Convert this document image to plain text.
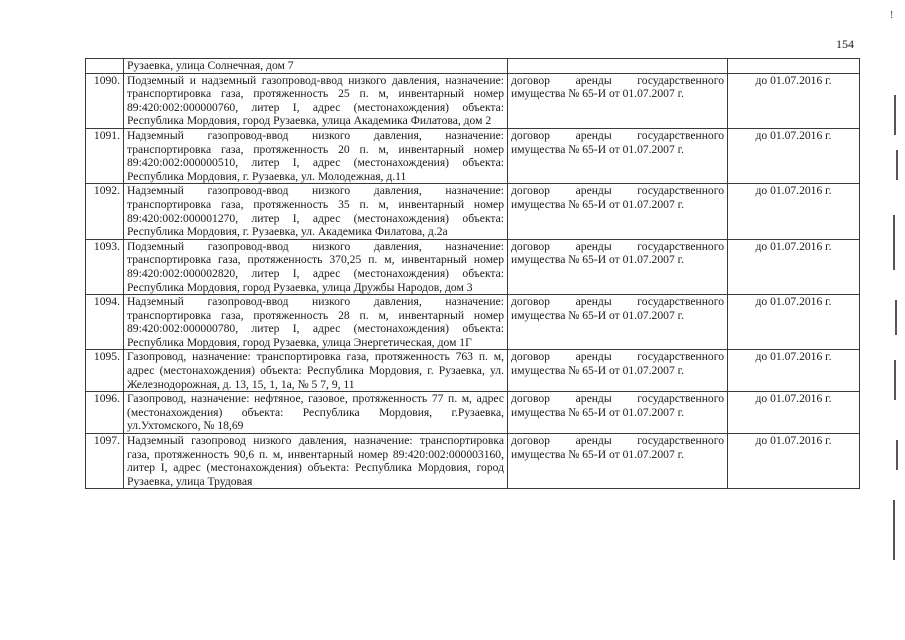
154
!
	Рузаевка, улица Солнечная, дом 7		
1090.	Подземный и надземный газопровод-ввод низкого давления, назначение: транспортировка газа, протяженность 25 п. м, инвентарный номер 89:420:002:000000760, литер I, адрес (местонахождения) объекта: Республика Мордовия, город Рузаевка, улица Академика Филатова, дом 2	договор аренды государственного имущества № 65-И от 01.07.2007 г.	до 01.07.2016 г.
1091.	Надземный газопровод-ввод низкого давления, назначение: транспортировка газа, протяженность 20 п. м, инвентарный номер 89:420:002:000000510, литер I, адрес (местонахождения) объекта: Республика Мордовия, г. Рузаевка, ул. Молодежная, д.11	договор аренды государственного имущества № 65-И от 01.07.2007 г.	до 01.07.2016 г.
1092.	Надземный газопровод-ввод низкого давления, назначение: транспортировка газа, протяженность 35 п. м, инвентарный номер 89:420:002:000001270, литер I, адрес (местонахождения) объекта: Республика Мордовия, г. Рузаевка, ул. Академика Филатова, д.2а	договор аренды государственного имущества № 65-И от 01.07.2007 г.	до 01.07.2016 г.
1093.	Подземный газопровод-ввод низкого давления, назначение: транспортировка газа, протяженность 370,25 п. м, инвентарный номер 89:420:002:000002820, литер I, адрес (местонахождения) объекта: Республика Мордовия, город Рузаевка, улица Дружбы Народов, дом 3	договор аренды государственного имущества № 65-И от 01.07.2007 г.	до 01.07.2016 г.
1094.	Надземный газопровод-ввод низкого давления, назначение: транспортировка газа, протяженность 28 п. м, инвентарный номер 89:420:002:000000780, литер I, адрес (местонахождения) объекта: Республика Мордовия, город Рузаевка, улица Энергетическая, дом 1Г	договор аренды государственного имущества № 65-И от 01.07.2007 г.	до 01.07.2016 г.
1095.	Газопровод, назначение: транспортировка газа, протяженность 763 п. м, адрес (местонахождения) объекта: Республика Мордовия, г. Рузаевка, ул. Железнодорожная, д. 13, 15, 1, 1а, № 5 7, 9, 11	договор аренды государственного имущества № 65-И от 01.07.2007 г.	до 01.07.2016 г.
1096.	Газопровод, назначение: нефтяное, газовое, протяженность 77 п. м, адрес (местонахождения) объекта: Республика Мордовия, г.Рузаевка, ул.Ухтомского, № 18,69	договор аренды государственного имущества № 65-И от 01.07.2007 г.	до 01.07.2016 г.
1097.	Надземный газопровод низкого давления, назначение: транспортировка газа, протяженность 90,6 п. м, инвентарный номер 89:420:002:000003160, литер I, адрес (местонахождения) объекта: Республика Мордовия, город Рузаевка, улица Трудовая	договор аренды государственного имущества № 65-И от 01.07.2007 г.	до 01.07.2016 г.
